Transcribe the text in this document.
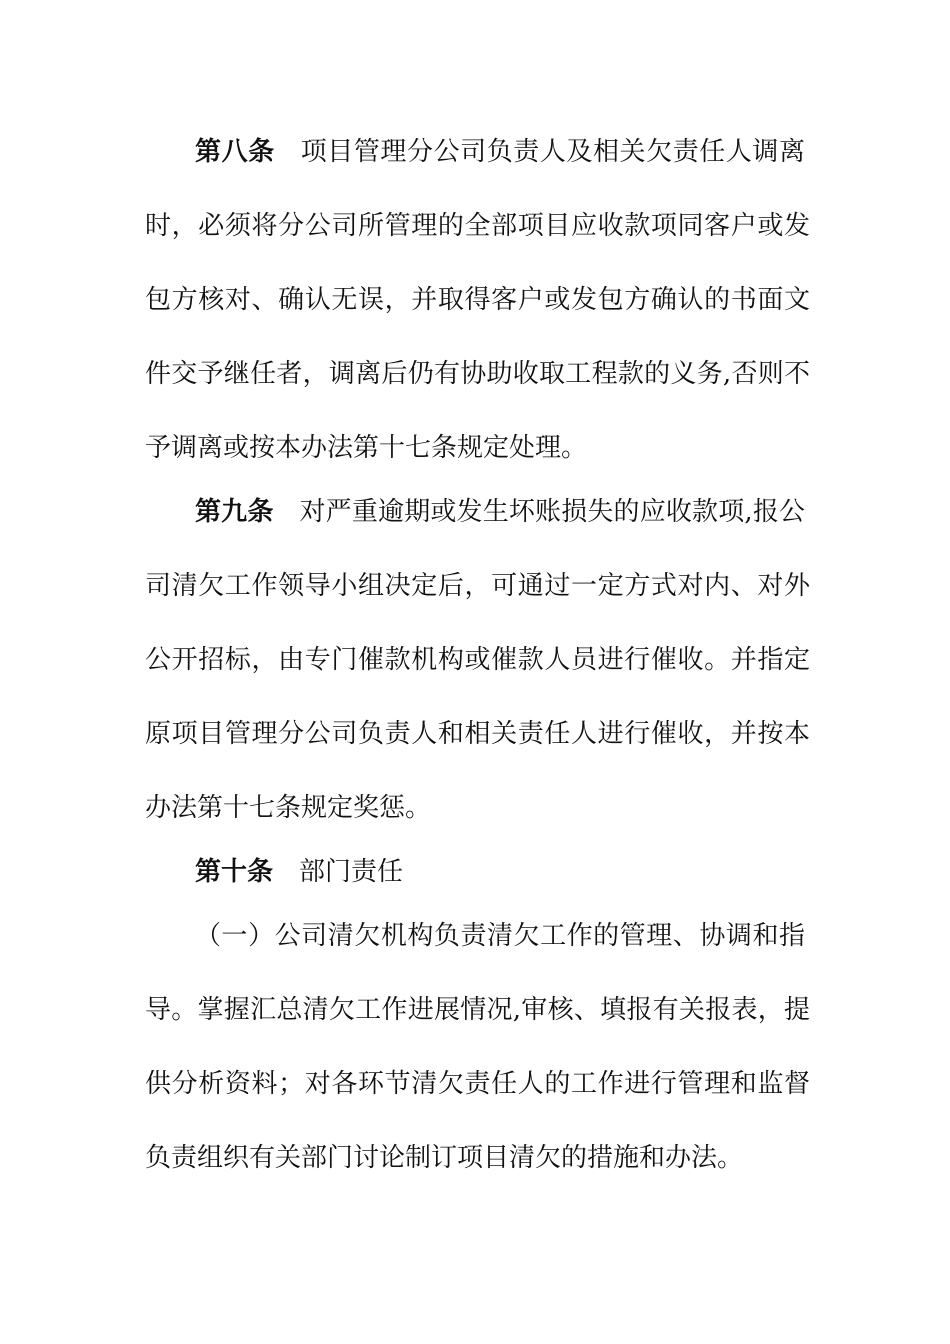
第八条 项目管理分公司负责人及相关欠责任人调离
时，必须将分公司所管理的全部项目应收款项同客户或发
包方核对、确认无误，并取得客户或发包方确认的书面文
件交予继任者，调离后仍有协助收取工程款的义务,否则不
予调离或按本办法第十七条规定处理。
第九条 对严重逾期或发生坏账损失的应收款项,报公
司清欠工作领导小组决定后，可通过一定方式对内、对外
公开招标，由专门催款机构或催款人员进行催收。并指定
原项目管理分公司负责人和相关责任人进行催收，并按本
办法第十七条规定奖惩。
第十条 部门责任
（一）公司清欠机构负责清欠工作的管理、协调和指
导。掌握汇总清欠工作进展情况,审核、填报有关报表，提
供分析资料；对各环节清欠责任人的工作进行管理和监督
负责组织有关部门讨论制订项目清欠的措施和办法。
